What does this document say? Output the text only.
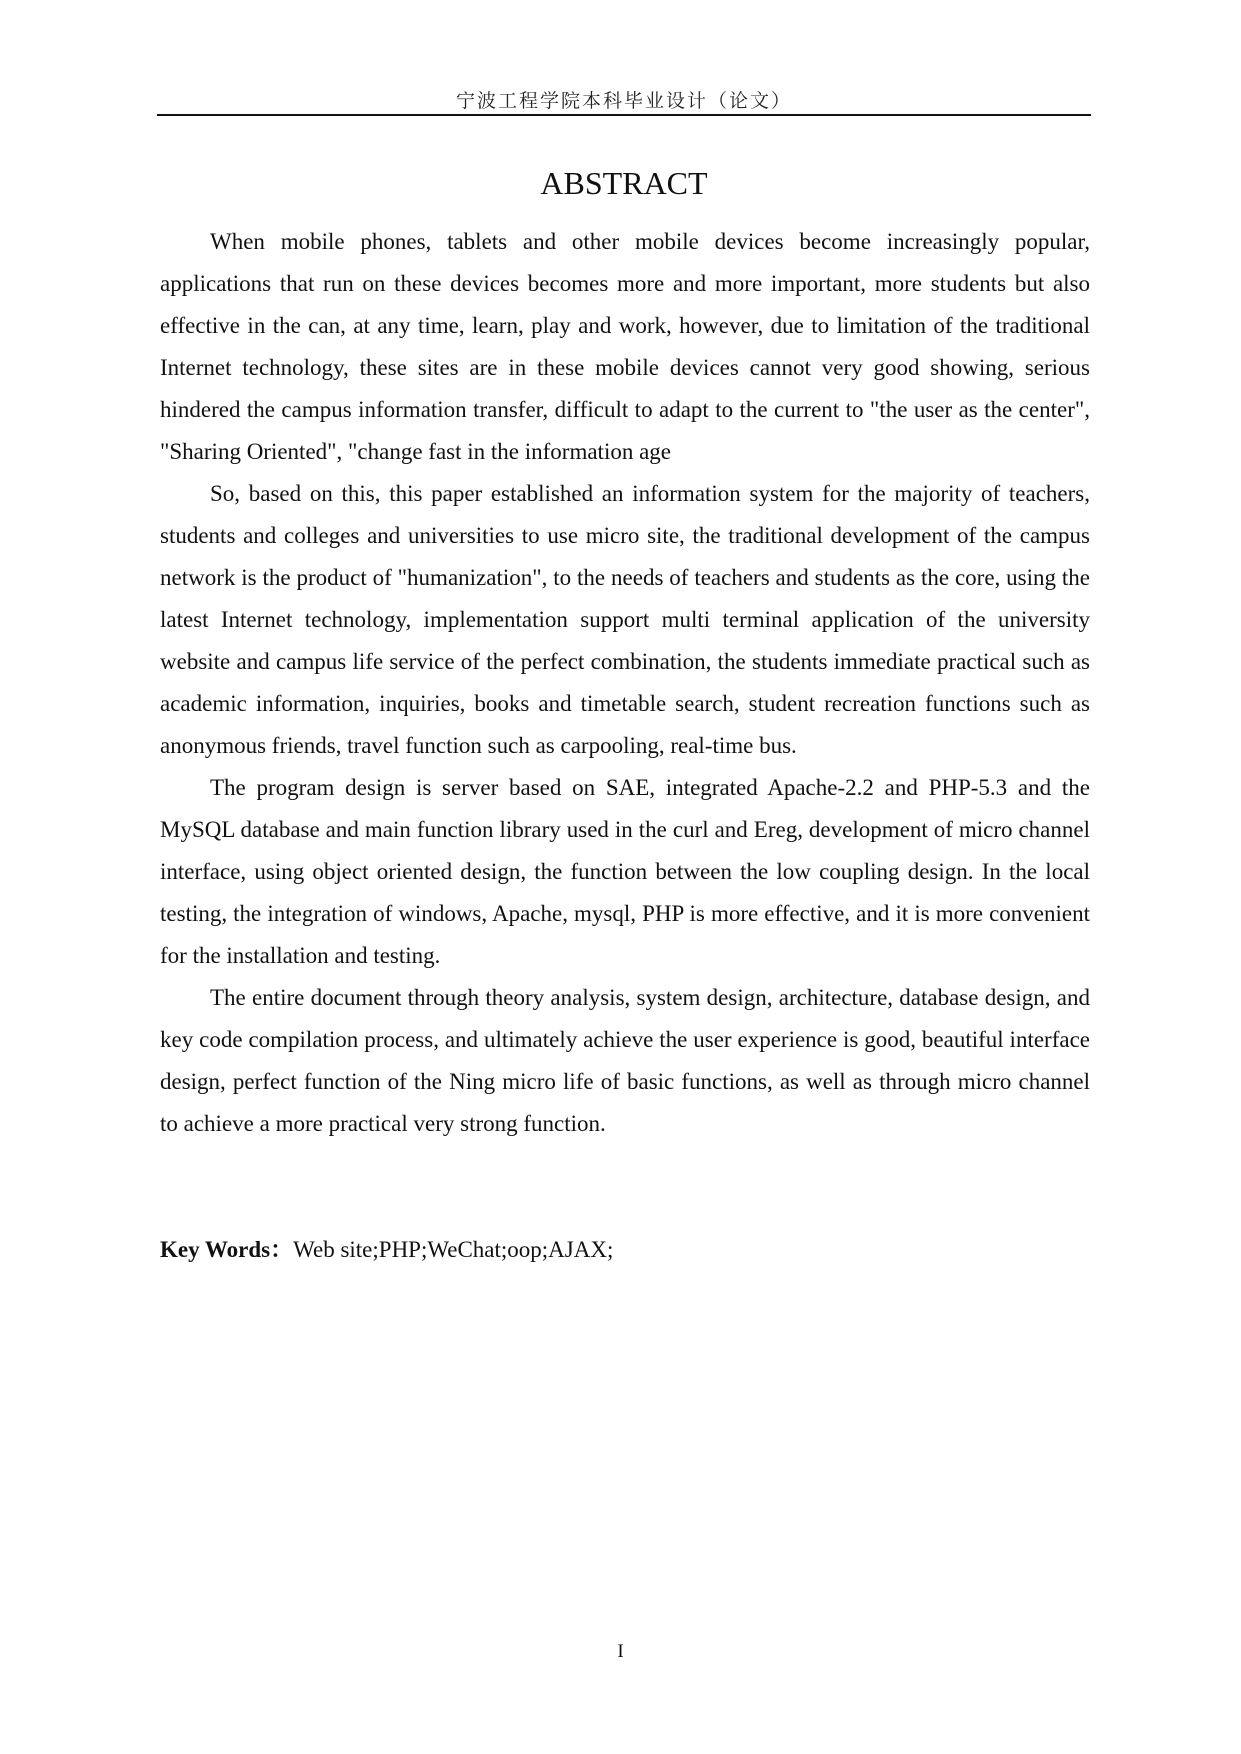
宁波工程学院本科毕业设计（论文）
ABSTRACT

When mobile phones, tablets and other mobile devices become increasingly popular, applications that run on these devices becomes more and more important, more students but also effective in the can, at any time, learn, play and work, however, due to limitation of the traditional Internet technology, these sites are in these mobile devices cannot very good showing, serious hindered the campus information transfer, difficult to adapt to the current to "the user as the center", "Sharing Oriented", "change fast in the information age

So, based on this, this paper established an information system for the majority of teachers, students and colleges and universities to use micro site, the traditional development of the campus network is the product of "humanization", to the needs of teachers and students as the core, using the latest Internet technology, implementation support multi terminal application of the university website and campus life service of the perfect combination, the students immediate practical such as academic information, inquiries, books and timetable search, student recreation functions such as anonymous friends, travel function such as carpooling, real-time bus.

The program design is server based on SAE, integrated Apache-2.2 and PHP-5.3 and the MySQL database and main function library used in the curl and Ereg, development of micro channel interface, using object oriented design, the function between the low coupling design. In the local testing, the integration of windows, Apache, mysql, PHP is more effective, and it is more convenient for the installation and testing.

The entire document through theory analysis, system design, architecture, database design, and key code compilation process, and ultimately achieve the user experience is good, beautiful interface design, perfect function of the Ning micro life of basic functions, as well as through micro channel to achieve a more practical very strong function.

Key Words：Web site;PHP;WeChat;oop;AJAX;
I
